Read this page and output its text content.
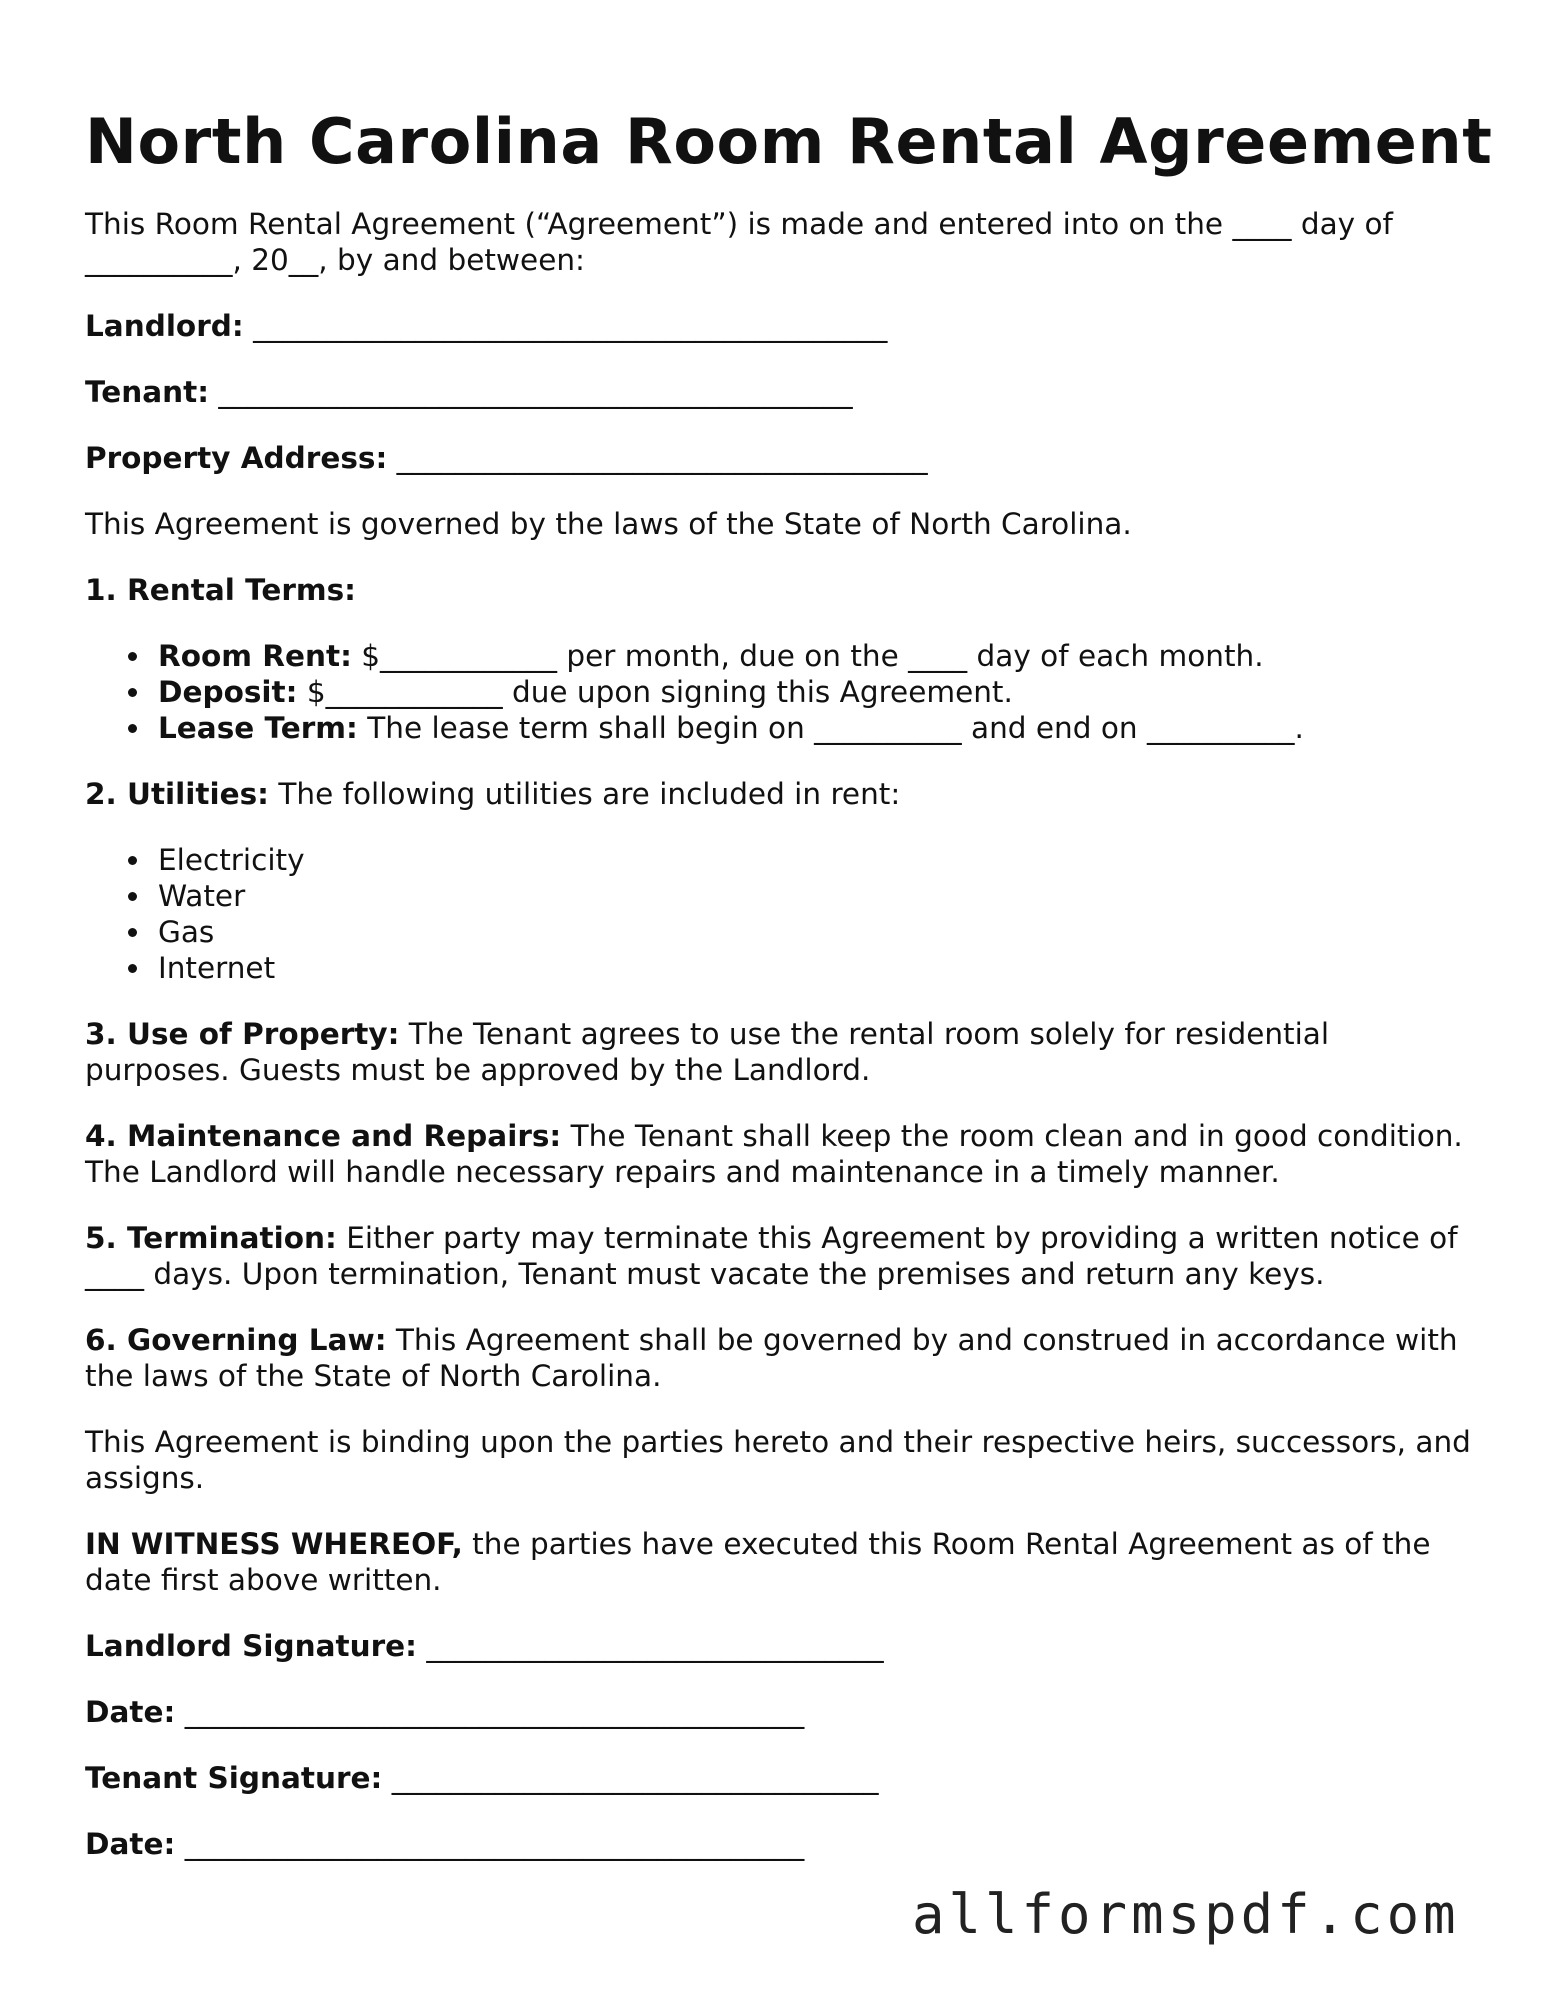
North Carolina Room Rental Agreement

This Room Rental Agreement (“Agreement”) is made and entered into on the ____ day of __________, 20__, by and between:

Landlord: ___________________________________________
Tenant: ___________________________________________
Property Address: ____________________________________

This Agreement is governed by the laws of the State of North Carolina.

1. Rental Terms:

Room Rent: $____________ per month, due on the ____ day of each month.
Deposit: $____________ due upon signing this Agreement.
Lease Term: The lease term shall begin on __________ and end on __________.

2. Utilities: The following utilities are included in rent:

Electricity
Water
Gas
Internet

3. Use of Property: The Tenant agrees to use the rental room solely for residential purposes. Guests must be approved by the Landlord.

4. Maintenance and Repairs: The Tenant shall keep the room clean and in good condition. The Landlord will handle necessary repairs and maintenance in a timely manner.

5. Termination: Either party may terminate this Agreement by providing a written notice of ____ days. Upon termination, Tenant must vacate the premises and return any keys.

6. Governing Law: This Agreement shall be governed by and construed in accordance with the laws of the State of North Carolina.

This Agreement is binding upon the parties hereto and their respective heirs, successors, and assigns.

IN WITNESS WHEREOF, the parties have executed this Room Rental Agreement as of the date first above written.

Landlord Signature: _______________________________
Date: __________________________________________
Tenant Signature: _________________________________
Date: __________________________________________
allformspdf.com
